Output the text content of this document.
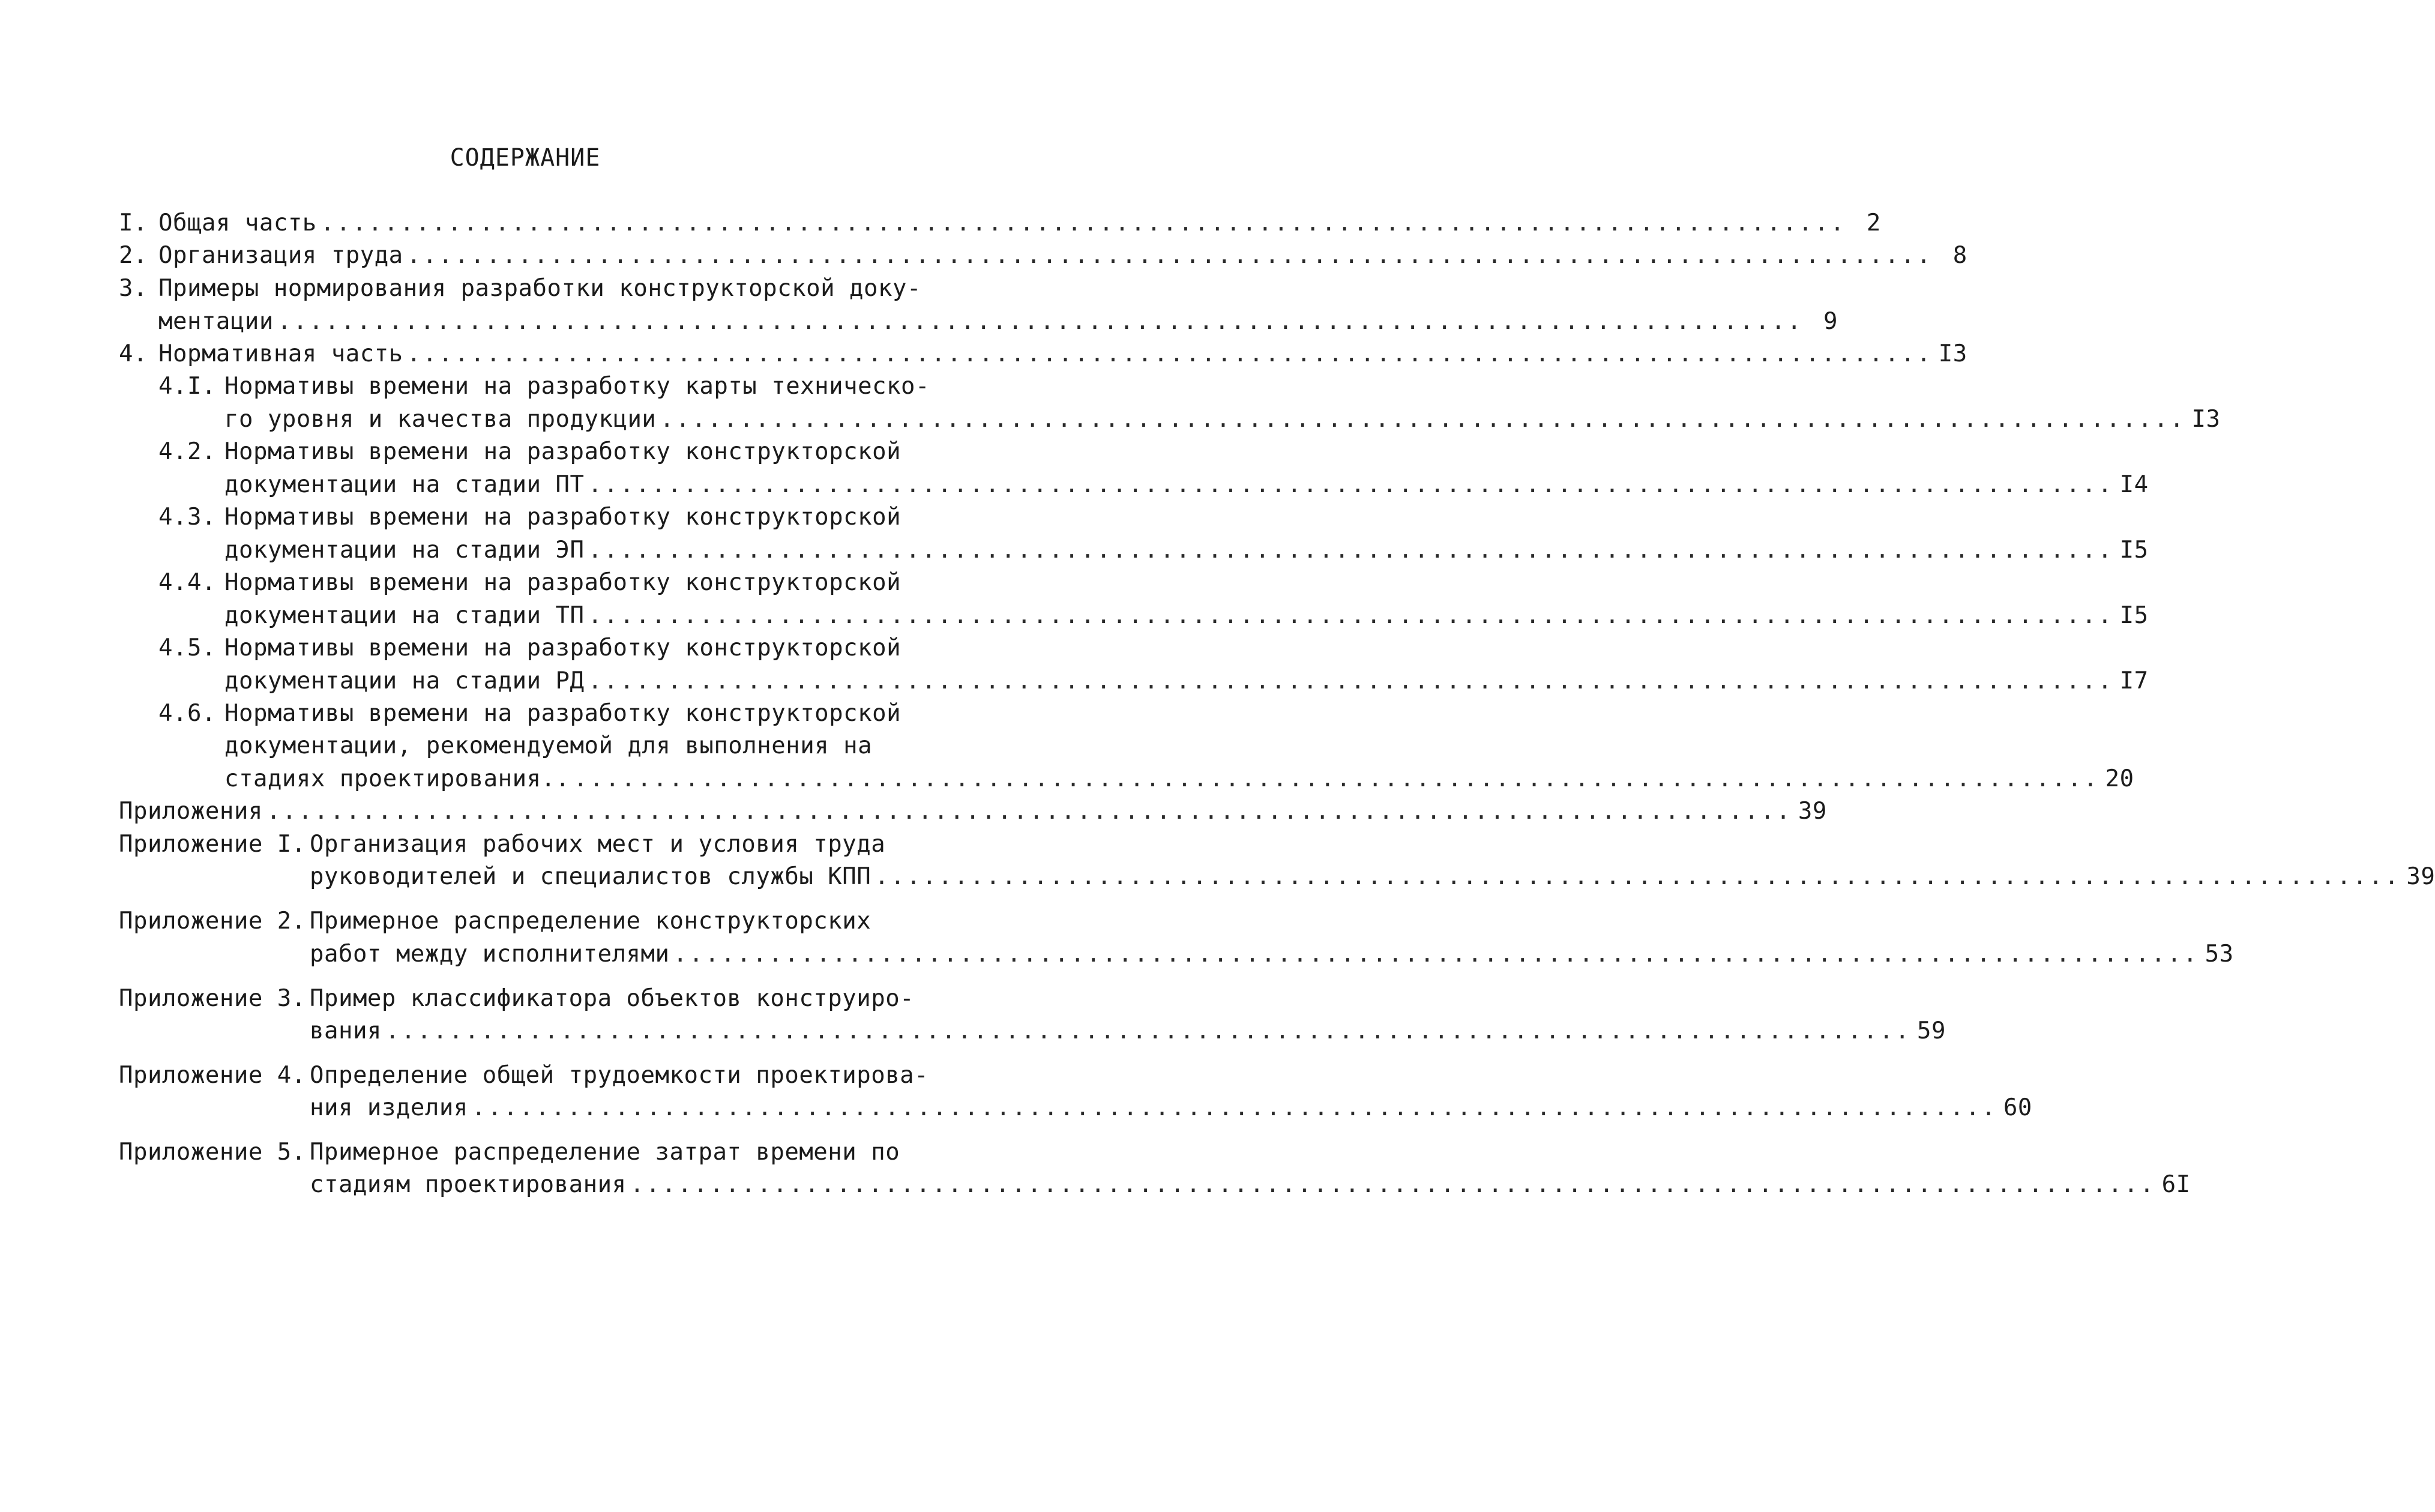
СОДЕРЖАНИЕ
I. Общая часть ................................................................................................ 2
2. Организация труда ................................................................................................ 8
3. Примеры нормирования разработки конструкторской доку-
ментации ................................................................................................ 9
4. Нормативная часть ................................................................................................ I3
4.I. Нормативы времени на разработку карты техническо-
го уровня и качества продукции ................................................................................................ I3
4.2. Нормативы времени на разработку конструкторской
документации на стадии ПТ ................................................................................................ I4
4.3. Нормативы времени на разработку конструкторской
документации на стадии ЭП ................................................................................................ I5
4.4. Нормативы времени на разработку конструкторской
документации на стадии ТП ................................................................................................ I5
4.5. Нормативы времени на разработку конструкторской
документации на стадии РД ................................................................................................ I7
4.6. Нормативы времени на разработку конструкторской
документации, рекомендуемой для выполнения на
стадиях проектирования.. ................................................................................................ 20
Приложения ................................................................................................ 39
Приложение I. Организация рабочих мест и условия труда
руководителей и специалистов службы КПП ................................................................................................ 39
Приложение 2. Примерное распределение конструкторских
работ между исполнителями ................................................................................................ 53
Приложение 3. Пример классификатора объектов конструиро-
вания ................................................................................................ 59
Приложение 4. Определение общей трудоемкости проектирова-
ния изделия ................................................................................................ 60
Приложение 5. Примерное распределение затрат времени по
стадиям проектирования ................................................................................................ 6I
